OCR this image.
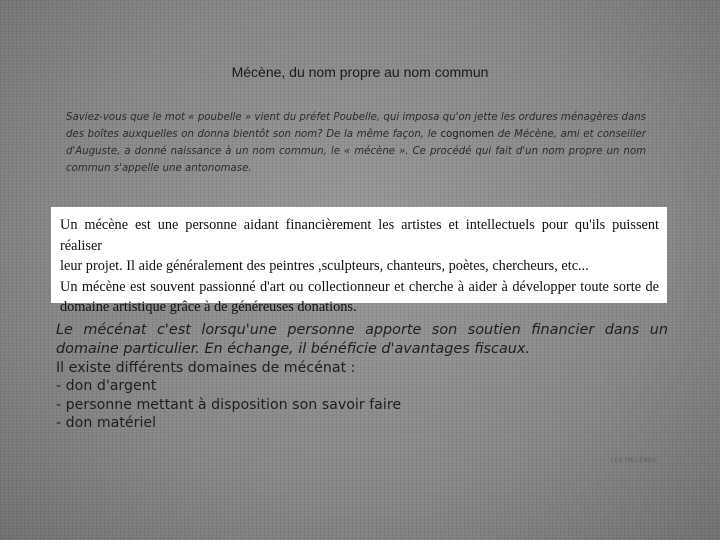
Mécène, du nom propre au nom commun

Saviez-vous que le mot « poubelle » vient du préfet Poubelle, qui imposa qu'on jette les ordures ménagères dans des boîtes auxquelles on donna bientôt son nom? De la même façon, le cognomen de Mécène, ami et conseiller d'Auguste, a donné naissance à un nom commun, le « mécène ». Ce procédé qui fait d'un nom propre un nom commun s'appelle une antonomase.

Un mécène est une personne aidant financièrement les artistes et intellectuels pour qu'ils puissent réaliser

leur projet. Il aide généralement des peintres ,sculpteurs, chanteurs, poètes, chercheurs, etc...

Un mécène est souvent passionné d'art ou collectionneur et cherche à aider à développer toute sorte de

domaine artistique grâce à de généreuses donations.

Le mécénat c'est lorsqu'une personne apporte son soutien financier dans un domaine particulier. En échange, il bénéficie d'avantages fiscaux.

Il existe différents domaines de mécénat :

- don d'argent

- personne mettant à disposition son savoir faire

- don matériel

LES MÉCÈNES
